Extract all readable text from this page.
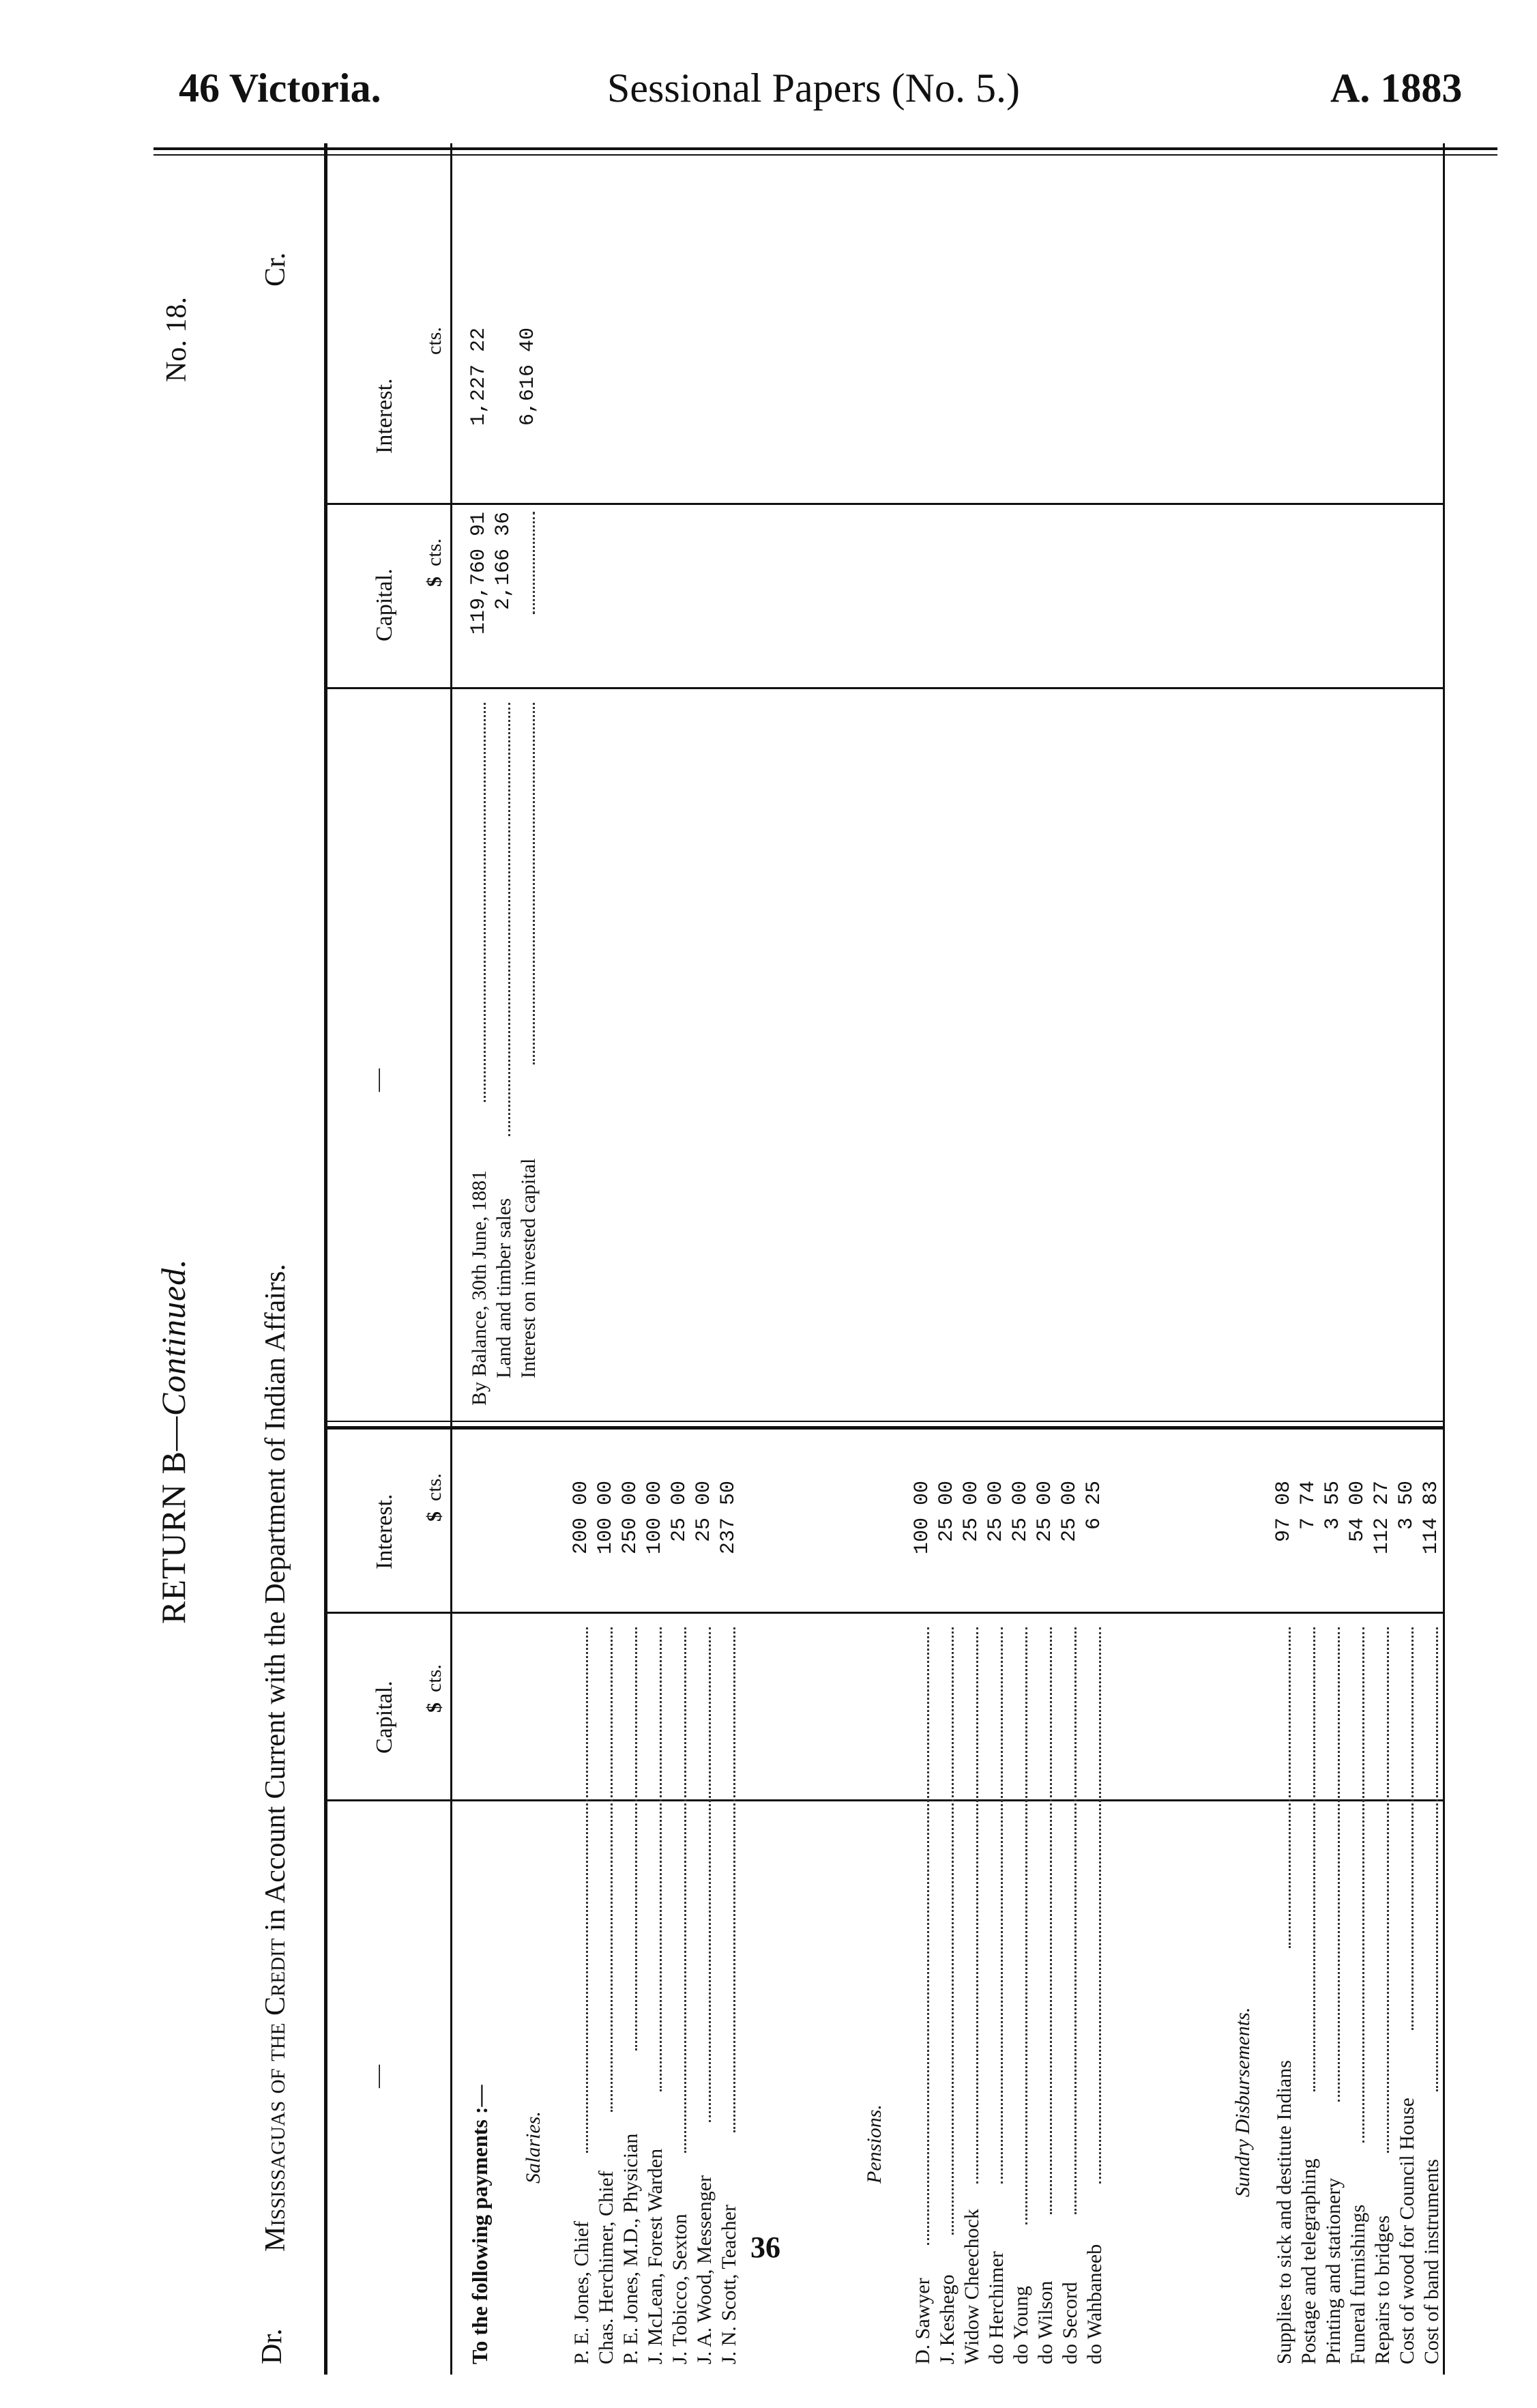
46 Victoria.	Sessional Papers (No. 5.)	A. 1883
RETURN B—Continued.
No. 18.
Dr.
Mississaguas of the Credit in Account Current with the Department of Indian Affairs.
Cr.
—
Capital.
Interest.
—
Capital.
Interest.
$  cts.
$  cts.
$  cts.
cts.
To the following payments :— Salaries.
P. E. Jones, Chief
200 00
Chas. Herchimer, Chief
100 00
P. E. Jones, M.D., Physician
250 00
J. McLean, Forest Warden
100 00
J. Tobicco, Sexton
25 00
J. A. Wood, Messenger
25 00
J. N. Scott, Teacher
237 50
Pensions.
D. Sawyer
100 00
J. Keshego
25 00
Widow Cheechock
25 00
do Herchimer
25 00
do Young
25 00
do Wilson
25 00
do Secord
25 00
do Wahbaneeb
6 25
Sundry Disbursements. Supplies to sick and destitute Indians
97 08
Postage and telegraphing
7 74
Printing and stationery
3 55
Funeral furnishings
54 00
Repairs to bridges
112 27
Cost of wood for Council House
3 50
Cost of band instruments
114 83
By Balance, 30th June, 1881
119,760 91
1,227 22
Land and timber sales
2,166 36
Interest on invested capital
6,616 40
36
